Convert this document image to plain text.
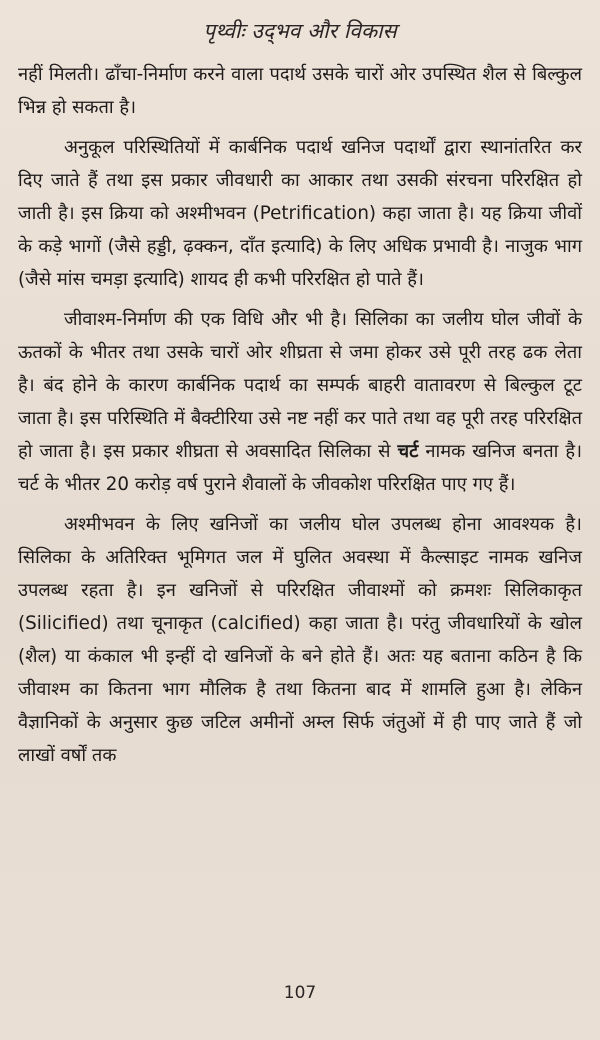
पृथ्वीः उद्‌भव और विकास

नहीं मिलती। ढाँचा-निर्माण करने वाला पदार्थ उसके चारों ओर उपस्थित शैल से बिल्कुल भिन्न हो सकता है।

अनुकूल परिस्थितियों में कार्बनिक पदार्थ खनिज पदार्थों द्वारा स्थानांतरित कर दिए जाते हैं तथा इस प्रकार जीवधारी का आकार तथा उसकी संरचना परिरक्षित हो जाती है। इस क्रिया को अश्मीभवन (Petrification) कहा जाता है। यह क्रिया जीवों के कड़े भागों (जैसे हड्डी, ढ़क्कन, दाँत इत्यादि) के लिए अधिक प्रभावी है। नाजुक भाग (जैसे मांस चमड़ा इत्यादि) शायद ही कभी परिरक्षित हो पाते हैं।

जीवाश्म-निर्माण की एक विधि और भी है। सिलिका का जलीय घोल जीवों के ऊतकों के भीतर तथा उसके चारों ओर शीघ्रता से जमा होकर उसे पूरी तरह ढक लेता है। बंद होने के कारण कार्बनिक पदार्थ का सम्पर्क बाहरी वातावरण से बिल्कुल टूट जाता है। इस परिस्थिति में बैक्टीरिया उसे नष्ट नहीं कर पाते तथा वह पूरी तरह परिरक्षित हो जाता है। इस प्रकार शीघ्रता से अवसादित सिलिका से चर्ट नामक खनिज बनता है। चर्ट के भीतर 20 करोड़ वर्ष पुराने शैवालों के जीवकोश परिरक्षित पाए गए हैं।

अश्मीभवन के लिए खनिजों का जलीय घोल उपलब्ध होना आवश्यक है। सिलिका के अतिरिक्त भूमिगत जल में घुलित अवस्था में कैल्साइट नामक खनिज उपलब्ध रहता है। इन खनिजों से परिरक्षित जीवाश्मों को क्रमशः सिलिकाकृत (Silicified) तथा चूनाकृत (calcified) कहा जाता है। परंतु जीवधारियों के खोल (शैल) या कंकाल भी इन्हीं दो खनिजों के बने होते हैं। अतः यह बताना कठिन है कि जीवाश्म का कितना भाग मौलिक है तथा कितना बाद में शामलि हुआ है। लेकिन वैज्ञानिकों के अनुसार कुछ जटिल अमीनों अम्ल सिर्फ जंतुओं में ही पाए जाते हैं जो लाखों वर्षों तक

107
